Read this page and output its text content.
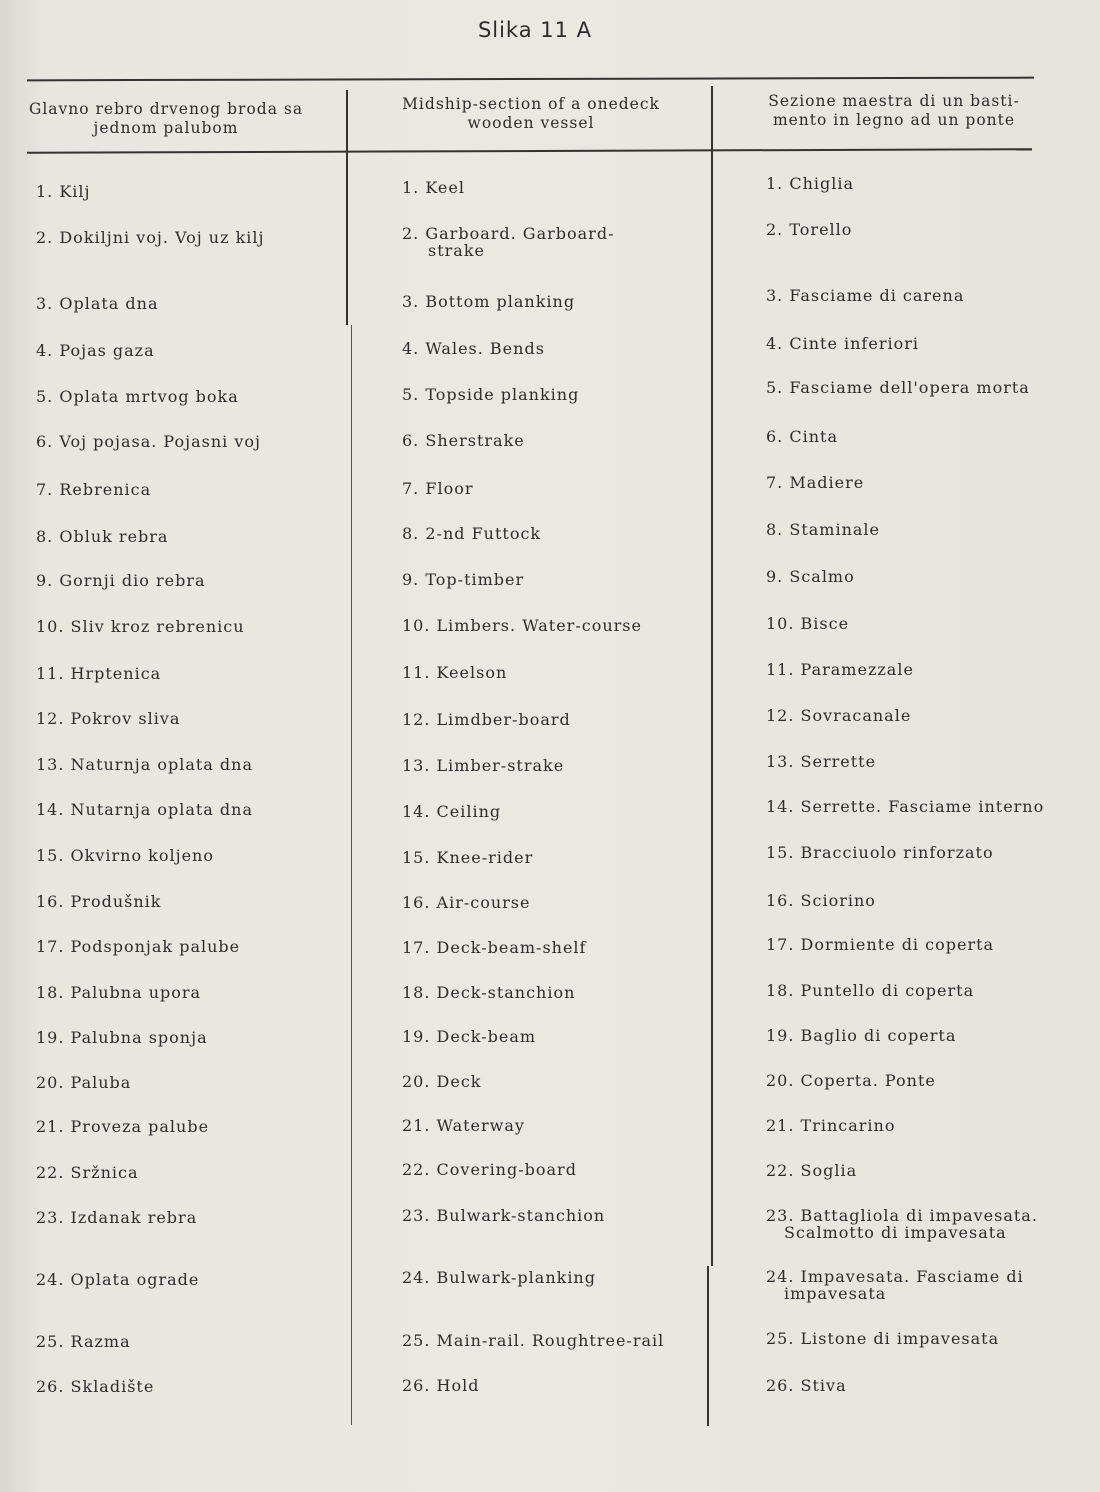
Slika 11 A
Glavno rebro drvenog broda sa jednom palubom
Midship-section of a onedeck wooden vessel
Sezione maestra di un basti-mento in legno ad un ponte
1. Kilj
2. Dokiljni voj. Voj uz kilj
3. Oplata dna
4. Pojas gaza
5. Oplata mrtvog boka
6. Voj pojasa. Pojasni voj
7. Rebrenica
8. Obluk rebra
9. Gornji dio rebra
10. Sliv kroz rebrenicu
11. Hrptenica
12. Pokrov sliva
13. Naturnja oplata dna
14. Nutarnja oplata dna
15. Okvirno koljeno
16. Produšnik
17. Podsponjak palube
18. Palubna upora
19. Palubna sponja
20. Paluba
21. Proveza palube
22. Sržnica
23. Izdanak rebra
24. Oplata ograde
25. Razma
26. Skladište
1. Keel
2. Garboard. Garboard-
strake
3. Bottom planking
4. Wales. Bends
5. Topside planking
6. Sherstrake
7. Floor
8. 2-nd Futtock
9. Top-timber
10. Limbers. Water-course
11. Keelson
12. Limdber-board
13. Limber-strake
14. Ceiling
15. Knee-rider
16. Air-course
17. Deck-beam-shelf
18. Deck-stanchion
19. Deck-beam
20. Deck
21. Waterway
22. Covering-board
23. Bulwark-stanchion
24. Bulwark-planking
25. Main-rail. Roughtree-rail
26. Hold
1. Chiglia
2. Torello
3. Fasciame di carena
4. Cinte inferiori
5. Fasciame dell'opera morta
6. Cinta
7. Madiere
8. Staminale
9. Scalmo
10. Bisce
11. Paramezzale
12. Sovracanale
13. Serrette
14. Serrette. Fasciame interno
15. Bracciuolo rinforzato
16. Sciorino
17. Dormiente di coperta
18. Puntello di coperta
19. Baglio di coperta
20. Coperta. Ponte
21. Trincarino
22. Soglia
23. Battagliola di impavesata.
Scalmotto di impavesata
24. Impavesata. Fasciame di
impavesata
25. Listone di impavesata
26. Stiva
